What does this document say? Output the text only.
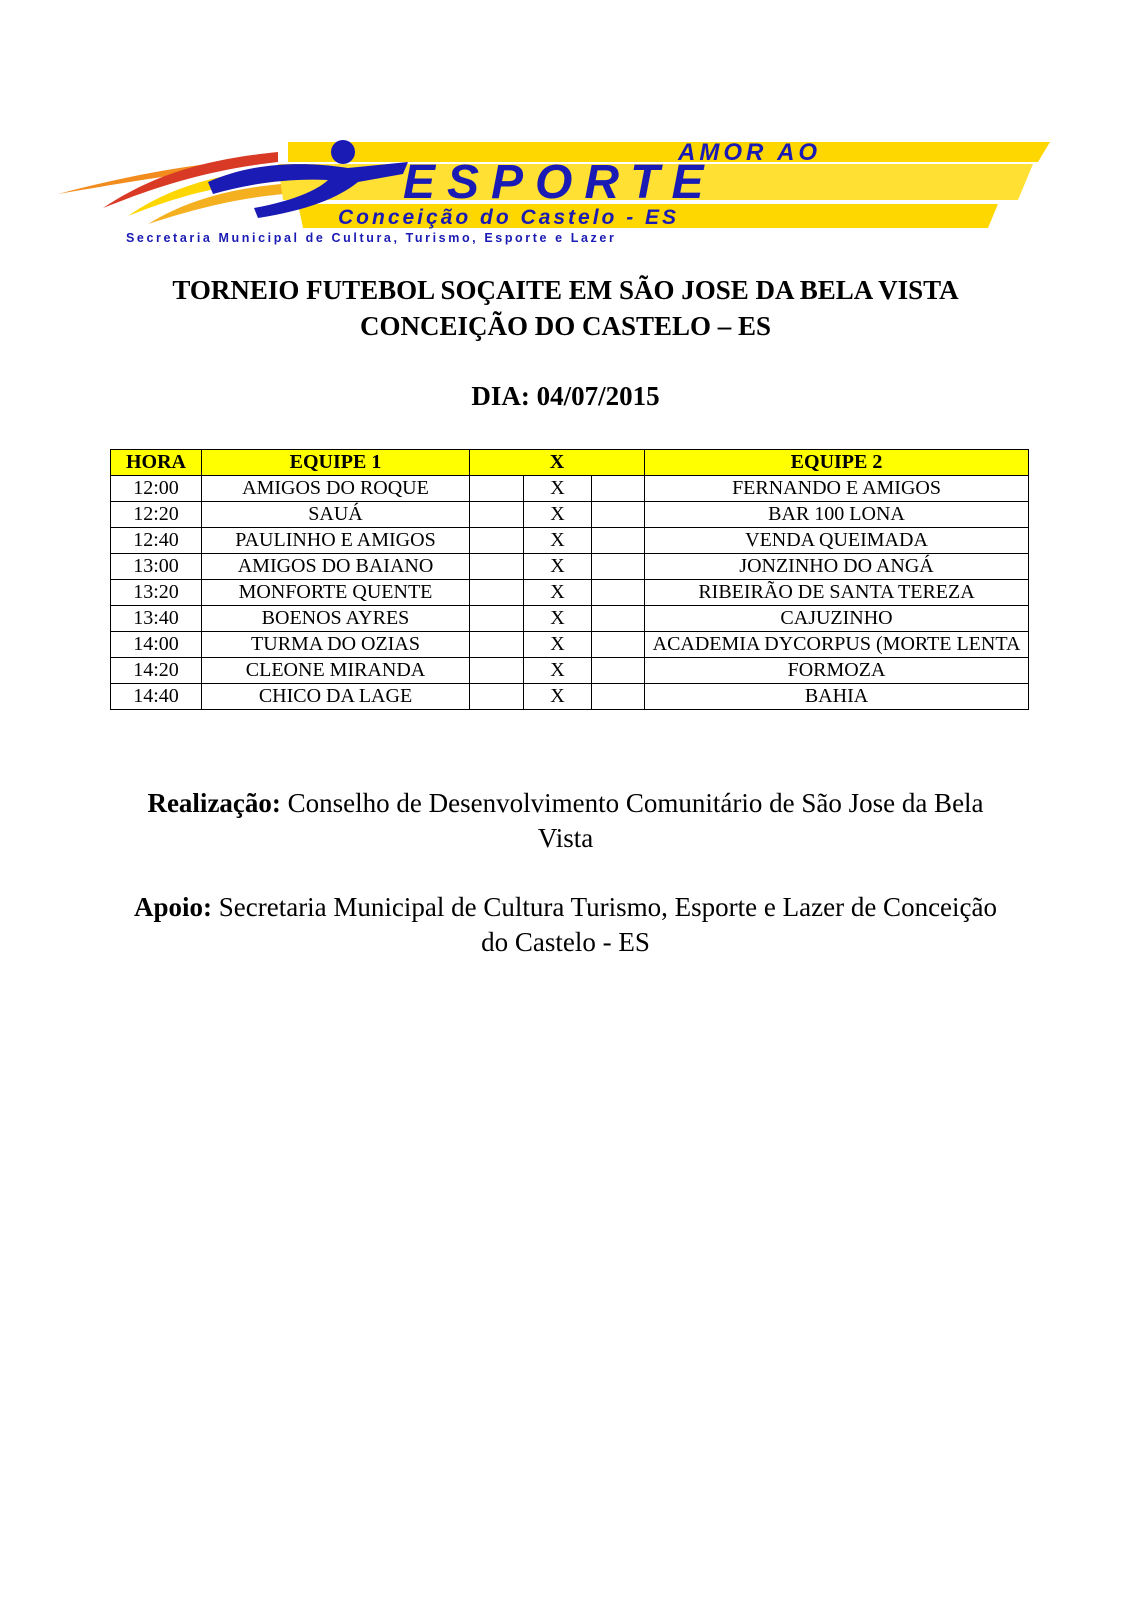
AMOR AO
ESPORTE
Conceição do Castelo - ES
Secretaria Municipal de Cultura, Turismo, Esporte e Lazer
TORNEIO FUTEBOL SOÇAITE EM SÃO JOSE DA BELA VISTA
CONCEIÇÃO DO CASTELO – ES
DIA: 04/07/2015
HORA	EQUIPE 1	X			EQUIPE 2
12:00	AMIGOS DO ROQUE		X		FERNANDO E AMIGOS
12:20	SAUÁ		X		BAR 100 LONA
12:40	PAULINHO E AMIGOS		X		VENDA QUEIMADA
13:00	AMIGOS DO BAIANO		X		JONZINHO DO ANGÁ
13:20	MONFORTE QUENTE		X		RIBEIRÃO DE SANTA TEREZA
13:40	BOENOS AYRES		X		CAJUZINHO
14:00	TURMA DO OZIAS		X		ACADEMIA DYCORPUS (MORTE LENTA
14:20	CLEONE MIRANDA		X		FORMOZA
14:40	CHICO DA LAGE		X		BAHIA
Realização: Conselho de Desenvolvimento Comunitário de São Jose da Bela Vista
Apoio: Secretaria Municipal de Cultura Turismo, Esporte e Lazer de Conceição do Castelo - ES
